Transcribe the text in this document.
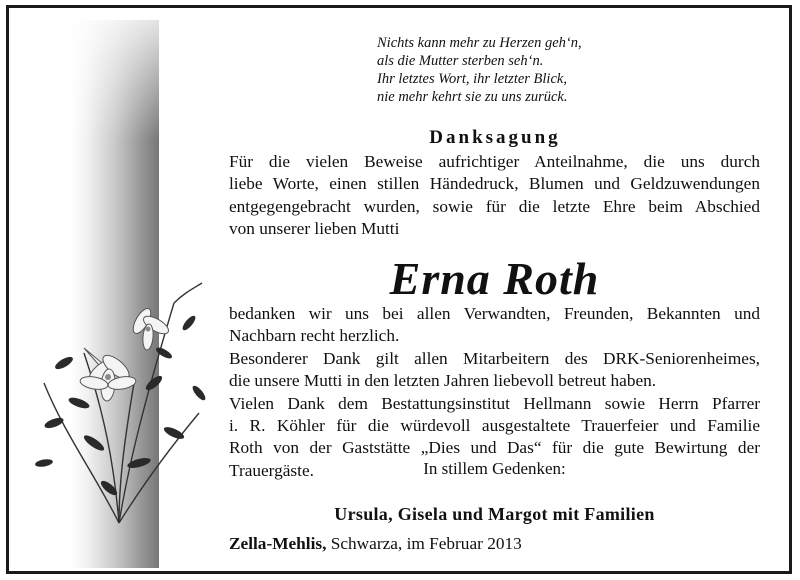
Nichts kann mehr zu Herzen geh‘n,
als die Mutter sterben seh‘n.
Ihr letztes Wort, ihr letzter Blick,
nie mehr kehrt sie zu uns zurück.
Danksagung
Für die vielen Beweise aufrichtiger Anteilnahme, die uns durch
liebe Worte, einen stillen Händedruck, Blumen und Geldzuwendungen
entgegengebracht wurden, sowie für die letzte Ehre beim Abschied
von unserer lieben Mutti
Erna Roth
bedanken wir uns bei allen Verwandten, Freunden, Bekannten und
Nachbarn recht herzlich.
Besonderer Dank gilt allen Mitarbeitern des DRK-Seniorenheimes,
die unsere Mutti in den letzten Jahren liebevoll betreut haben.
Vielen Dank dem Bestattungsinstitut Hellmann sowie Herrn Pfarrer
i. R. Köhler für die würdevoll ausgestaltete Trauerfeier und Familie
Roth von der Gaststätte „Dies und Das“ für die gute Bewirtung der
Trauergäste.	In stillem Gedenken:
Ursula, Gisela und Margot mit Familien
Zella-Mehlis, Schwarza, im Februar 2013
